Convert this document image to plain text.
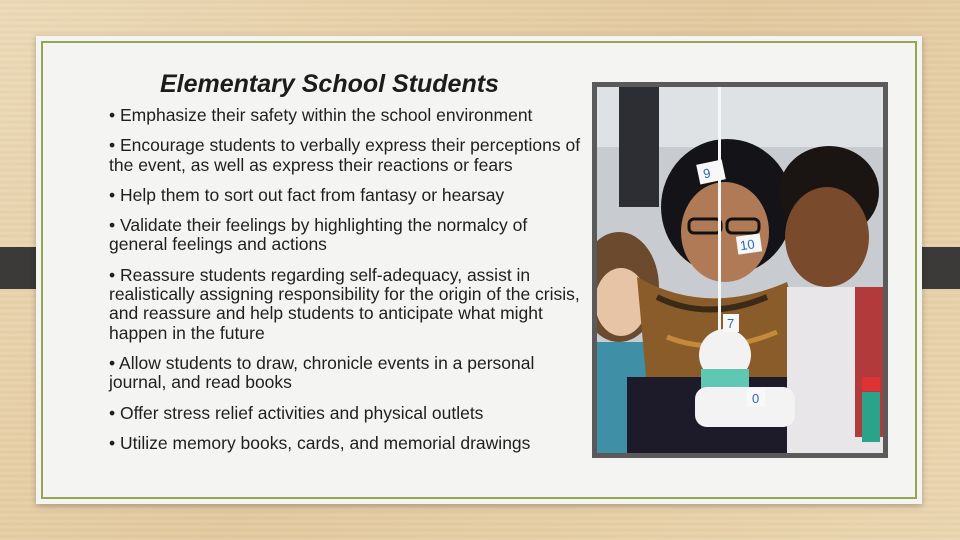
Elementary School Students
• Emphasize their safety within the school environment
• Encourage students to verbally express their perceptions of the event, as well as express their reactions or fears
• Help them to sort out fact from fantasy or hearsay
• Validate their feelings by highlighting the normalcy of general feelings and actions
• Reassure students regarding self-adequacy, assist in realistically assigning responsibility for the origin of the crisis, and reassure and help students to anticipate what might happen in the future
• Allow students to draw, chronicle events in a personal journal, and read books
• Offer stress relief activities and physical outlets
• Utilize memory books, cards, and memorial drawings
9
10
7
0
